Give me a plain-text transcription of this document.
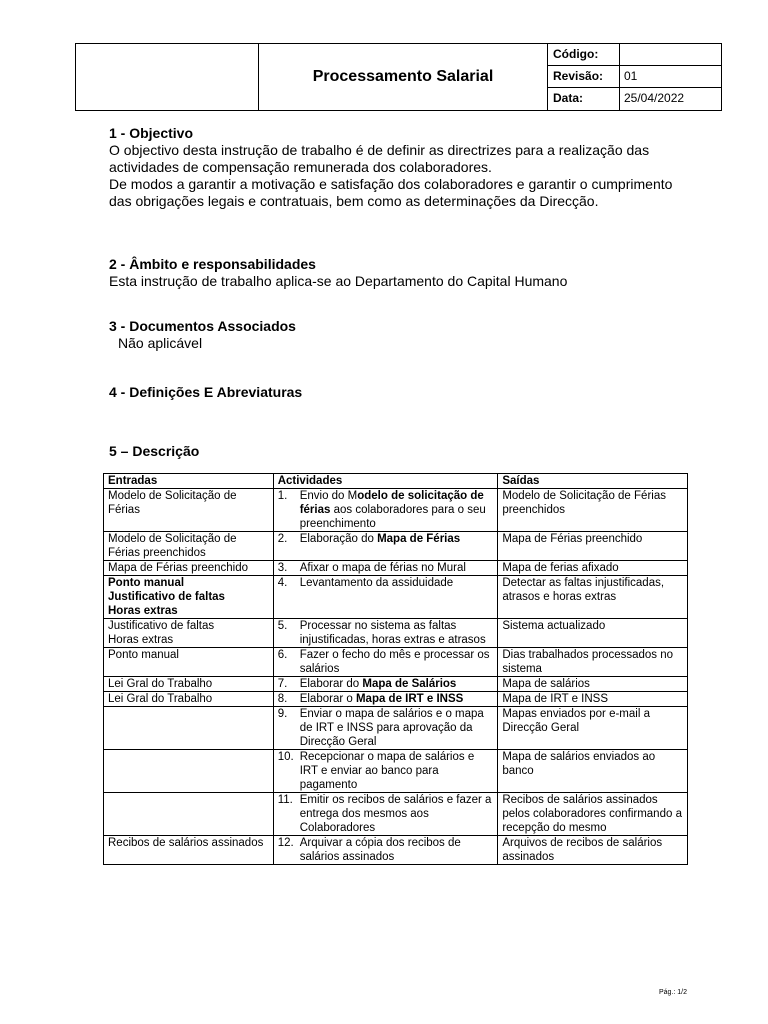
Processamento Salarial
Código:
Revisão:	01
Data:	25/04/2022
1 - Objectivo

O objectivo desta instrução de trabalho é de definir as directrizes para a realização das actividades de compensação remunerada dos colaboradores.

De modos a garantir a motivação e satisfação dos colaboradores e garantir o cumprimento das obrigações legais e contratuais, bem como as determinações da Direcção.

2 - Âmbito e responsabilidades

Esta instrução de trabalho aplica-se ao Departamento do Capital Humano

3 - Documentos Associados

Não aplicável

4 - Definições E Abreviaturas
5 – Descrição
Entradas	Actividades	Saídas
Modelo de Solicitação de Férias	1. Envio do Modelo de solicitação de férias aos colaboradores para o seu preenchimento	Modelo de Solicitação de Férias preenchidos
Modelo de Solicitação de Férias preenchidos	2. Elaboração do Mapa de Férias	Mapa de Férias preenchido
Mapa de Férias preenchido	3. Afixar o mapa de férias no Mural	Mapa de ferias afixado
Ponto manual
Justificativo de faltas
Horas extras	4. Levantamento da assiduidade	Detectar as faltas injustificadas, atrasos e horas extras
Justificativo de faltas
Horas extras	5. Processar no sistema as faltas injustificadas, horas extras e atrasos	Sistema actualizado
Ponto manual	6. Fazer o fecho do mês e processar os salários	Dias trabalhados processados no sistema
Lei Gral do Trabalho	7. Elaborar do Mapa de Salários	Mapa de salários
Lei Gral do Trabalho	8. Elaborar o Mapa de IRT e INSS	Mapa de IRT e INSS

	9. Enviar o mapa de salários e o mapa de IRT e INSS para aprovação da Direcção Geral	Mapas enviados por e-mail a Direcção Geral

	10. Recepcionar o mapa de salários e IRT e enviar ao banco para pagamento	Mapa de salários enviados ao banco

	11. Emitir os recibos de salários e fazer a entrega dos mesmos aos Colaboradores	Recibos de salários assinados pelos colaboradores confirmando a recepção do mesmo
Recibos de salários assinados	12. Arquivar a cópia dos recibos de salários assinados	Arquivos de recibos de salários assinados
Pág.: 1/2
